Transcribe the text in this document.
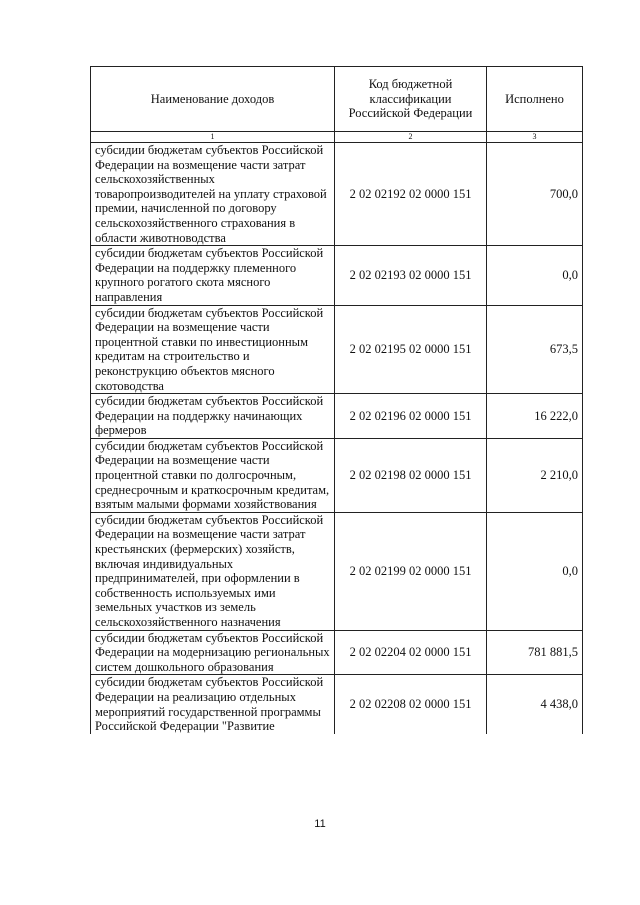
Наименование доходов	Код бюджетной классификации Российской Федерации	Исполнено
1	2	3
субсидии бюджетам субъектов Российской Федерации на возмещение части затрат сельскохозяйственных товаропроизводителей на уплату страховой премии, начисленной по договору сельскохозяйственного страхования в области животноводства	2 02 02192 02 0000 151	700,0
субсидии бюджетам субъектов Российской Федерации на поддержку племенного крупного рогатого скота мясного направления	2 02 02193 02 0000 151	0,0
субсидии бюджетам субъектов Российской Федерации на возмещение части процентной ставки по инвестиционным кредитам на строительство и реконструкцию объектов мясного скотоводства	2 02 02195 02 0000 151	673,5
субсидии бюджетам субъектов Российской Федерации на поддержку начинающих фермеров	2 02 02196 02 0000 151	16 222,0
субсидии бюджетам субъектов Российской Федерации на возмещение части процентной ставки по долгосрочным, среднесрочным и краткосрочным кредитам, взятым малыми формами хозяйствования	2 02 02198 02 0000 151	2 210,0
субсидии бюджетам субъектов Российской Федерации на возмещение части затрат крестьянских (фермерских) хозяйств, включая индивидуальных предпринимателей, при оформлении в собственность используемых ими земельных участков из земель сельскохозяйственного назначения	2 02 02199 02 0000 151	0,0
субсидии бюджетам субъектов Российской Федерации на модернизацию региональных систем дошкольного образования	2 02 02204 02 0000 151	781 881,5
субсидии бюджетам субъектов Российской Федерации на реализацию отдельных мероприятий государственной программы Российской Федерации "Развитие	2 02 02208 02 0000 151	4 438,0
11
